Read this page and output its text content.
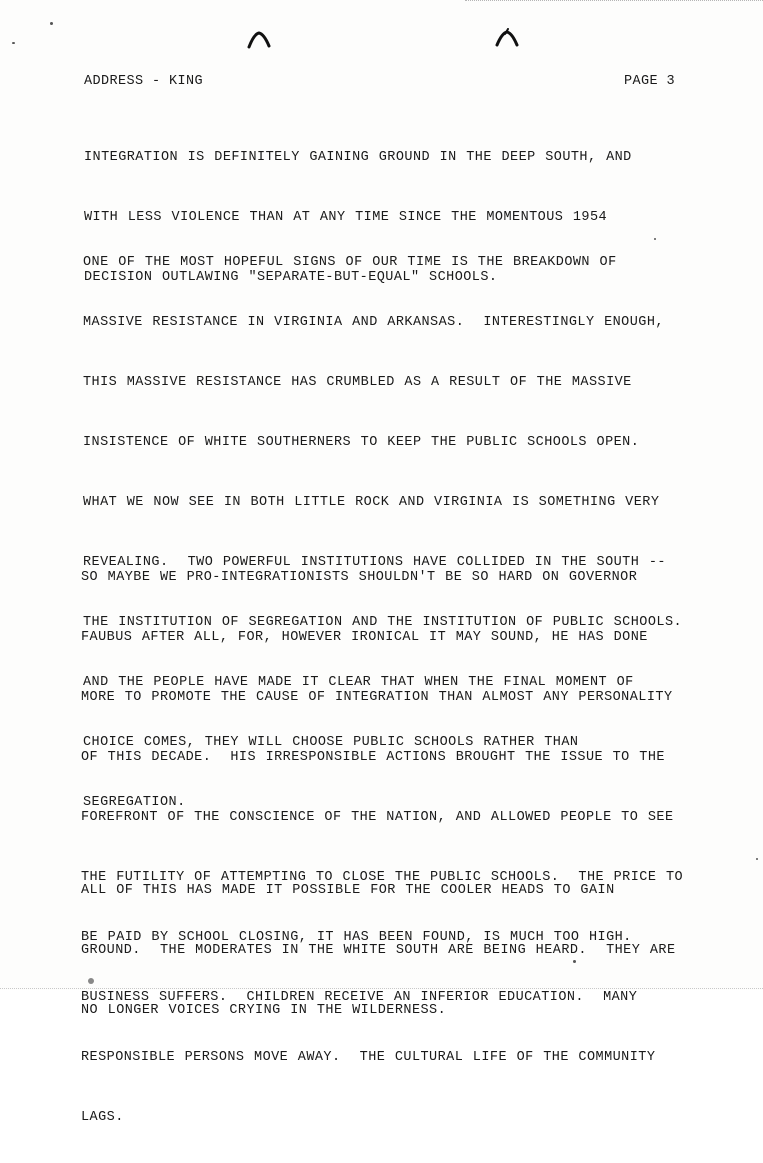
ADDRESS - KING	PAGE 3

INTEGRATION IS DEFINITELY GAINING GROUND IN THE DEEP SOUTH, AND

WITH LESS VIOLENCE THAN AT ANY TIME SINCE THE MOMENTOUS 1954

DECISION OUTLAWING "SEPARATE-BUT-EQUAL" SCHOOLS.

ONE OF THE MOST HOPEFUL SIGNS OF OUR TIME IS THE BREAKDOWN OF

MASSIVE RESISTANCE IN VIRGINIA AND ARKANSAS.  INTERESTINGLY ENOUGH,

THIS MASSIVE RESISTANCE HAS CRUMBLED AS A RESULT OF THE MASSIVE

INSISTENCE OF WHITE SOUTHERNERS TO KEEP THE PUBLIC SCHOOLS OPEN.

WHAT WE NOW SEE IN BOTH LITTLE ROCK AND VIRGINIA IS SOMETHING VERY

REVEALING.  TWO POWERFUL INSTITUTIONS HAVE COLLIDED IN THE SOUTH --

THE INSTITUTION OF SEGREGATION AND THE INSTITUTION OF PUBLIC SCHOOLS.

AND THE PEOPLE HAVE MADE IT CLEAR THAT WHEN THE FINAL MOMENT OF

CHOICE COMES, THEY WILL CHOOSE PUBLIC SCHOOLS RATHER THAN

SEGREGATION.

SO MAYBE WE PRO-INTEGRATIONISTS SHOULDN'T BE SO HARD ON GOVERNOR

FAUBUS AFTER ALL, FOR, HOWEVER IRONICAL IT MAY SOUND, HE HAS DONE

MORE TO PROMOTE THE CAUSE OF INTEGRATION THAN ALMOST ANY PERSONALITY

OF THIS DECADE.  HIS IRRESPONSIBLE ACTIONS BROUGHT THE ISSUE TO THE

FOREFRONT OF THE CONSCIENCE OF THE NATION, AND ALLOWED PEOPLE TO SEE

THE FUTILITY OF ATTEMPTING TO CLOSE THE PUBLIC SCHOOLS.  THE PRICE TO

BE PAID BY SCHOOL CLOSING, IT HAS BEEN FOUND, IS MUCH TOO HIGH.

BUSINESS SUFFERS.  CHILDREN RECEIVE AN INFERIOR EDUCATION.  MANY

RESPONSIBLE PERSONS MOVE AWAY.  THE CULTURAL LIFE OF THE COMMUNITY

LAGS.

ALL OF THIS HAS MADE IT POSSIBLE FOR THE COOLER HEADS TO GAIN

GROUND.  THE MODERATES IN THE WHITE SOUTH ARE BEING HEARD.  THEY ARE

NO LONGER VOICES CRYING IN THE WILDERNESS.
